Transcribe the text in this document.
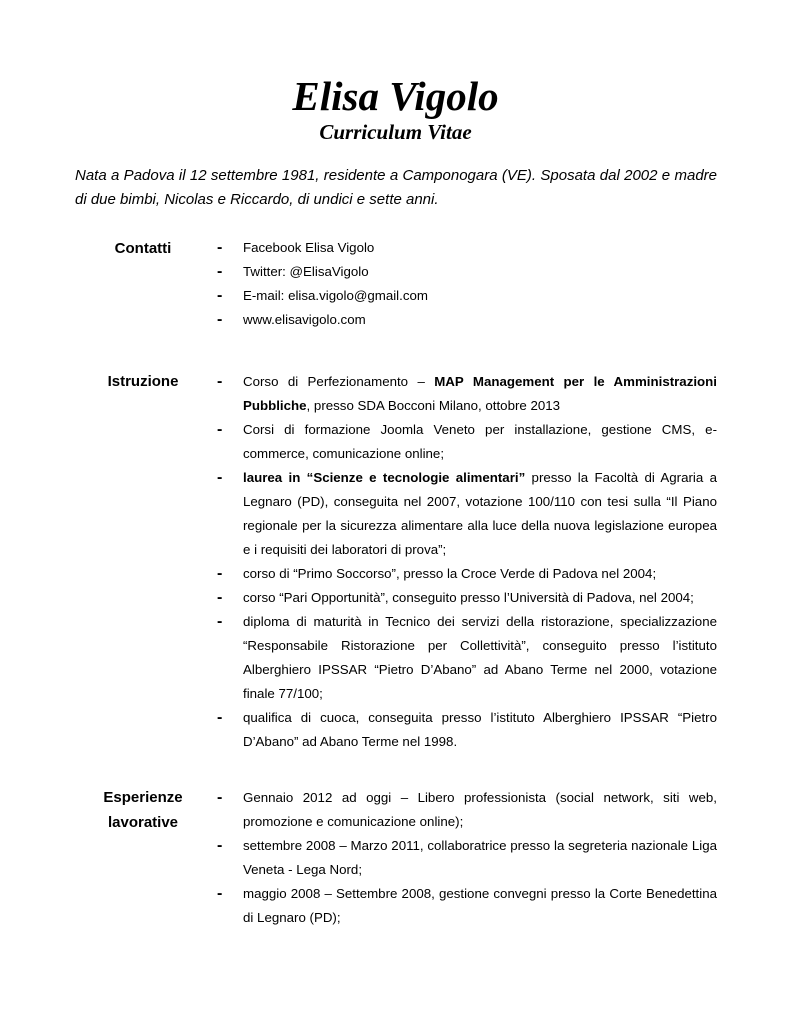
Elisa Vigolo
Curriculum Vitae

Nata a Padova il 12 settembre 1981, residente a Camponogara (VE). Sposata dal 2002 e madre di due bimbi, Nicolas e Riccardo, di undici e sette anni.

Contatti	- Facebook Elisa Vigolo
- Twitter: @ElisaVigolo
- E-mail: elisa.vigolo@gmail.com
- www.elisavigolo.com
Istruzione	- Corso di Perfezionamento – MAP Management per le Amministrazioni Pubbliche, presso SDA Bocconi Milano, ottobre 2013
- Corsi di formazione Joomla Veneto per installazione, gestione CMS, e-commerce, comunicazione online;
- laurea in “Scienze e tecnologie alimentari” presso la Facoltà di Agraria a Legnaro (PD), conseguita nel 2007, votazione 100/110 con tesi sulla “Il Piano regionale per la sicurezza alimentare alla luce della nuova legislazione europea e i requisiti dei laboratori di prova”;
- corso di “Primo Soccorso”, presso la Croce Verde di Padova nel 2004;
- corso “Pari Opportunità”, conseguito presso l’Università di Padova, nel 2004;
- diploma di maturità in Tecnico dei servizi della ristorazione, specializzazione “Responsabile Ristorazione per Collettività”, conseguito presso l’istituto Alberghiero IPSSAR “Pietro D’Abano” ad Abano Terme nel 2000, votazione finale 77/100;
- qualifica di cuoca, conseguita presso l’istituto Alberghiero IPSSAR “Pietro D’Abano” ad Abano Terme nel 1998.
Esperienze
lavorative
- Gennaio 2012 ad oggi – Libero professionista (social network, siti web, promozione e comunicazione online);
- settembre 2008 – Marzo 2011, collaboratrice presso la segreteria nazionale Liga Veneta - Lega Nord;
- maggio 2008 – Settembre 2008, gestione convegni presso la Corte Benedettina di Legnaro (PD);
